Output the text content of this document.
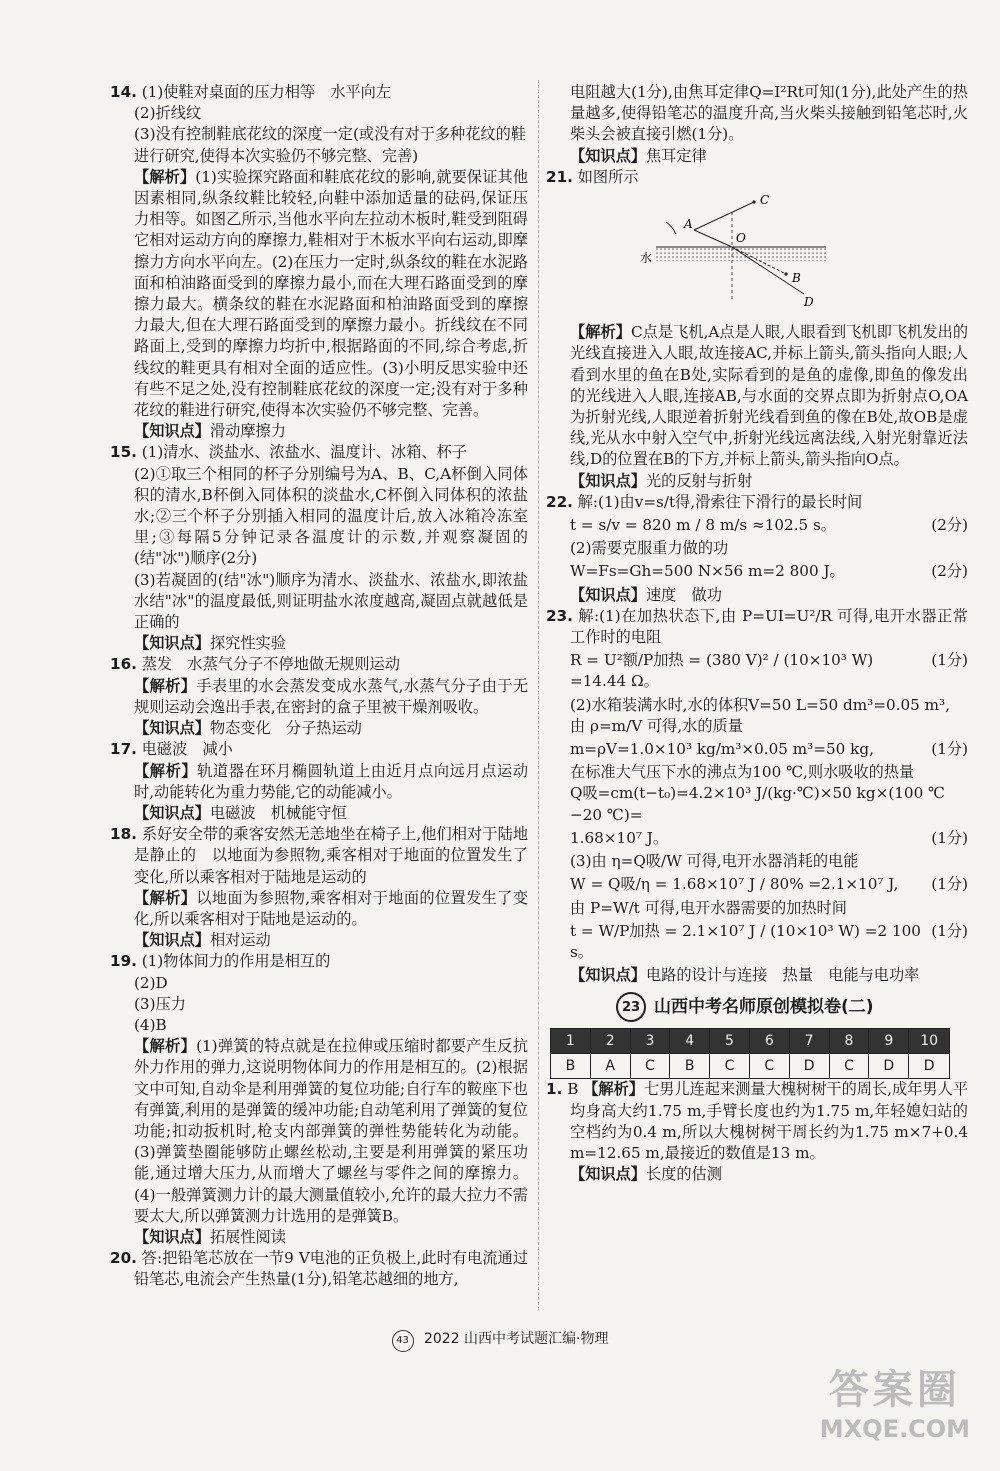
14. (1)使鞋对桌面的压力相等　水平向左

(2)折线纹

(3)没有控制鞋底花纹的深度一定(或没有对于多种花纹的鞋进行研究,使得本次实验仍不够完整、完善)

【解析】(1)实验探究路面和鞋底花纹的影响,就要保证其他因素相同,纵条纹鞋比较轻,向鞋中添加适量的砝码,保证压力相等。如图乙所示,当他水平向左拉动木板时,鞋受到阻碍它相对运动方向的摩擦力,鞋相对于木板水平向右运动,即摩擦力方向水平向左。(2)在压力一定时,纵条纹的鞋在水泥路面和柏油路面受到的摩擦力最小,而在大理石路面受到的摩擦力最大。横条纹的鞋在水泥路面和柏油路面受到的摩擦力最大,但在大理石路面受到的摩擦力最小。折线纹在不同路面上,受到的摩擦力均折中,根据路面的不同,综合考虑,折线纹的鞋更具有相对全面的适应性。(3)小明反思实验中还有些不足之处,没有控制鞋底花纹的深度一定;没有对于多种花纹的鞋进行研究,使得本次实验仍不够完整、完善。

【知识点】滑动摩擦力

15. (1)清水、淡盐水、浓盐水、温度计、冰箱、杯子

(2)①取三个相同的杯子分别编号为A、B、C,A杯倒入同体积的清水,B杯倒入同体积的淡盐水,C杯倒入同体积的浓盐水;②三个杯子分别插入相同的温度计后,放入冰箱冷冻室里;③每隔5分钟记录各温度计的示数,并观察凝固的(结"冰")顺序(2分)

(3)若凝固的(结"冰")顺序为清水、淡盐水、浓盐水,即浓盐水结"冰"的温度最低,则证明盐水浓度越高,凝固点就越低是正确的

【知识点】探究性实验

16. 蒸发　水蒸气分子不停地做无规则运动

【解析】手表里的水会蒸发变成水蒸气,水蒸气分子由于无规则运动会逸出手表,在密封的盒子里被干燥剂吸收。

【知识点】物态变化　分子热运动

17. 电磁波　减小

【解析】轨道器在环月椭圆轨道上由近月点向远月点运动时,动能转化为重力势能,它的动能减小。

【知识点】电磁波　机械能守恒

18. 系好安全带的乘客安然无恙地坐在椅子上,他们相对于陆地是静止的　以地面为参照物,乘客相对于地面的位置发生了变化,所以乘客相对于陆地是运动的

【解析】以地面为参照物,乘客相对于地面的位置发生了变化,所以乘客相对于陆地是运动的。

【知识点】相对运动

19. (1)物体间力的作用是相互的

(2)D

(3)压力

(4)B

【解析】(1)弹簧的特点就是在拉伸或压缩时都要产生反抗外力作用的弹力,这说明物体间力的作用是相互的。(2)根据文中可知,自动伞是利用弹簧的复位功能;自行车的鞍座下也有弹簧,利用的是弹簧的缓冲功能;自动笔利用了弹簧的复位功能;扣动扳机时,枪支内部弹簧的弹性势能转化为动能。(3)弹簧垫圈能够防止螺丝松动,主要是利用弹簧的紧压功能,通过增大压力,从而增大了螺丝与零件之间的摩擦力。(4)一般弹簧测力计的最大测量值较小,允许的最大拉力不需要太大,所以弹簧测力计选用的是弹簧B。

【知识点】拓展性阅读

20. 答:把铅笔芯放在一节9 V电池的正负极上,此时有电流通过铅笔芯,电流会产生热量(1分),铅笔芯越细的地方,

电阻越大(1分),由焦耳定律Q=I²Rt可知(1分),此处产生的热量越多,使得铅笔芯的温度升高,当火柴头接触到铅笔芯时,火柴头会被直接引燃(1分)。

【知识点】焦耳定律

21. 如图所示
C
A
O
B
D
水

【解析】C点是飞机,A点是人眼,人眼看到飞机即飞机发出的光线直接进入人眼,故连接AC,并标上箭头,箭头指向人眼;人看到水里的鱼在B处,实际看到的是鱼的虚像,即鱼的像发出的光线进入人眼,连接AB,与水面的交界点即为折射点O,OA为折射光线,人眼逆着折射光线看到鱼的像在B处,故OB是虚线,光从水中射入空气中,折射光线远离法线,入射光射靠近法线,D的位置在B的下方,并标上箭头,箭头指向O点。

【知识点】光的反射与折射

22. 解:(1)由v=s/t得,滑索往下滑行的最长时间
t = s/v = 820 m / 8 m/s ≈102.5 s。	(2分)

(2)需要克服重力做的功

W=Fs=Gh=500 N×56 m=2 800 J。	(2分)

【知识点】速度　做功

23. 解:(1)在加热状态下,由 P=UI=U²/R 可得,电开水器正常工作时的电阻
R = U²额/P加热 = (380 V)² / (10×10³ W) =14.44 Ω。
(1分)

(2)水箱装满水时,水的体积V=50 L=50 dm³=0.05 m³,

由 ρ=m/V 可得,水的质量

m=ρV=1.0×10³ kg/m³×0.05 m³=50 kg,	(1分)

在标准大气压下水的沸点为100 ℃,则水吸收的热量

Q吸=cm(t−t₀)=4.2×10³ J/(kg·℃)×50 kg×(100 ℃−20 ℃)=

1.68×10⁷ J。	(1分)

(3)由 η=Q吸/W 可得,电开水器消耗的电能

W = Q吸/η = 1.68×10⁷ J / 80% =2.1×10⁷ J, (1分)

由 P=W/t 可得,电开水器需要的加热时间

t = W/P加热 = 2.1×10⁷ J / (10×10³ W) =2 100 s。
(1分)

【知识点】电路的设计与连接　热量　电能与电功率

23 山西中考名师原创模拟卷(二)
1	2	3	4	5	6	7	8	9	10
B	A	C	B	C	C	D	C	D	D
1. B 【解析】七男儿连起来测量大槐树树干的周长,成年男人平均身高大约1.75 m,手臂长度也约为1.75 m,年轻媳妇站的空档约为0.4 m,所以大槐树树干周长约为1.75 m×7+0.4 m=12.65 m,最接近的数值是13 m。

【知识点】长度的估测

43 2022 山西中考试题汇编·物理
答案圈
MXQE.COM
